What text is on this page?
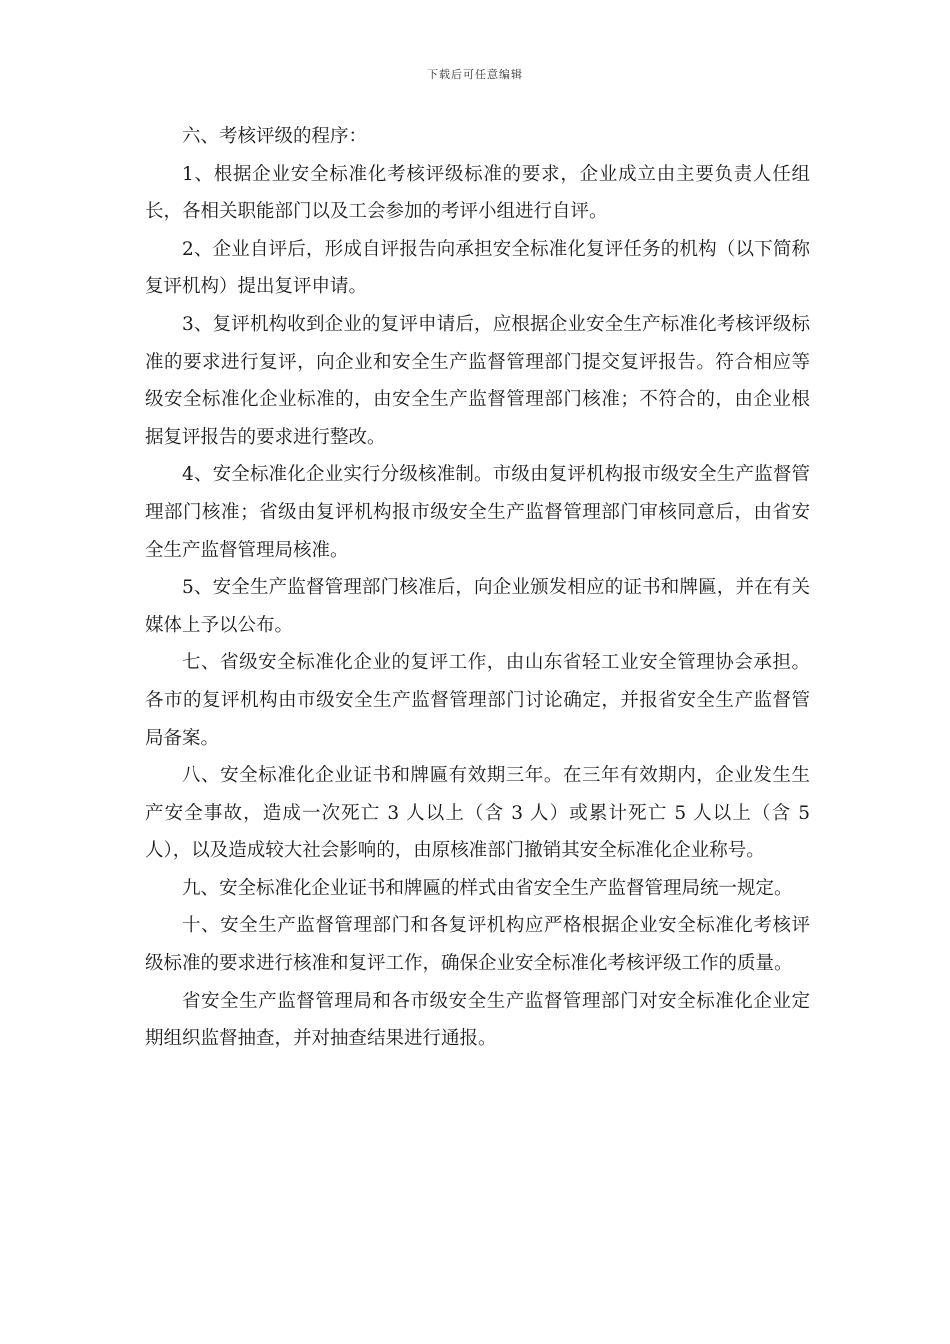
下载后可任意编辑

六、考核评级的程序：

1、根据企业安全标准化考核评级标准的要求，企业成立由主要负责人任组长，各相关职能部门以及工会参加的考评小组进行自评。

2、企业自评后，形成自评报告向承担安全标准化复评任务的机构（以下简称复评机构）提出复评申请。

3、复评机构收到企业的复评申请后，应根据企业安全生产标准化考核评级标准的要求进行复评，向企业和安全生产监督管理部门提交复评报告。符合相应等级安全标准化企业标准的，由安全生产监督管理部门核准；不符合的，由企业根据复评报告的要求进行整改。

4、安全标准化企业实行分级核准制。市级由复评机构报市级安全生产监督管理部门核准；省级由复评机构报市级安全生产监督管理部门审核同意后，由省安全生产监督管理局核准。

5、安全生产监督管理部门核准后，向企业颁发相应的证书和牌匾，并在有关媒体上予以公布。

七、省级安全标准化企业的复评工作，由山东省轻工业安全管理协会承担。各市的复评机构由市级安全生产监督管理部门讨论确定，并报省安全生产监督管局备案。

八、安全标准化企业证书和牌匾有效期三年。在三年有效期内，企业发生生产安全事故，造成一次死亡 3 人以上（含 3 人）或累计死亡 5 人以上（含 5 人），以及造成较大社会影响的，由原核准部门撤销其安全标准化企业称号。

九、安全标准化企业证书和牌匾的样式由省安全生产监督管理局统一规定。

十、安全生产监督管理部门和各复评机构应严格根据企业安全标准化考核评级标准的要求进行核准和复评工作，确保企业安全标准化考核评级工作的质量。

省安全生产监督管理局和各市级安全生产监督管理部门对安全标准化企业定期组织监督抽查，并对抽查结果进行通报。
